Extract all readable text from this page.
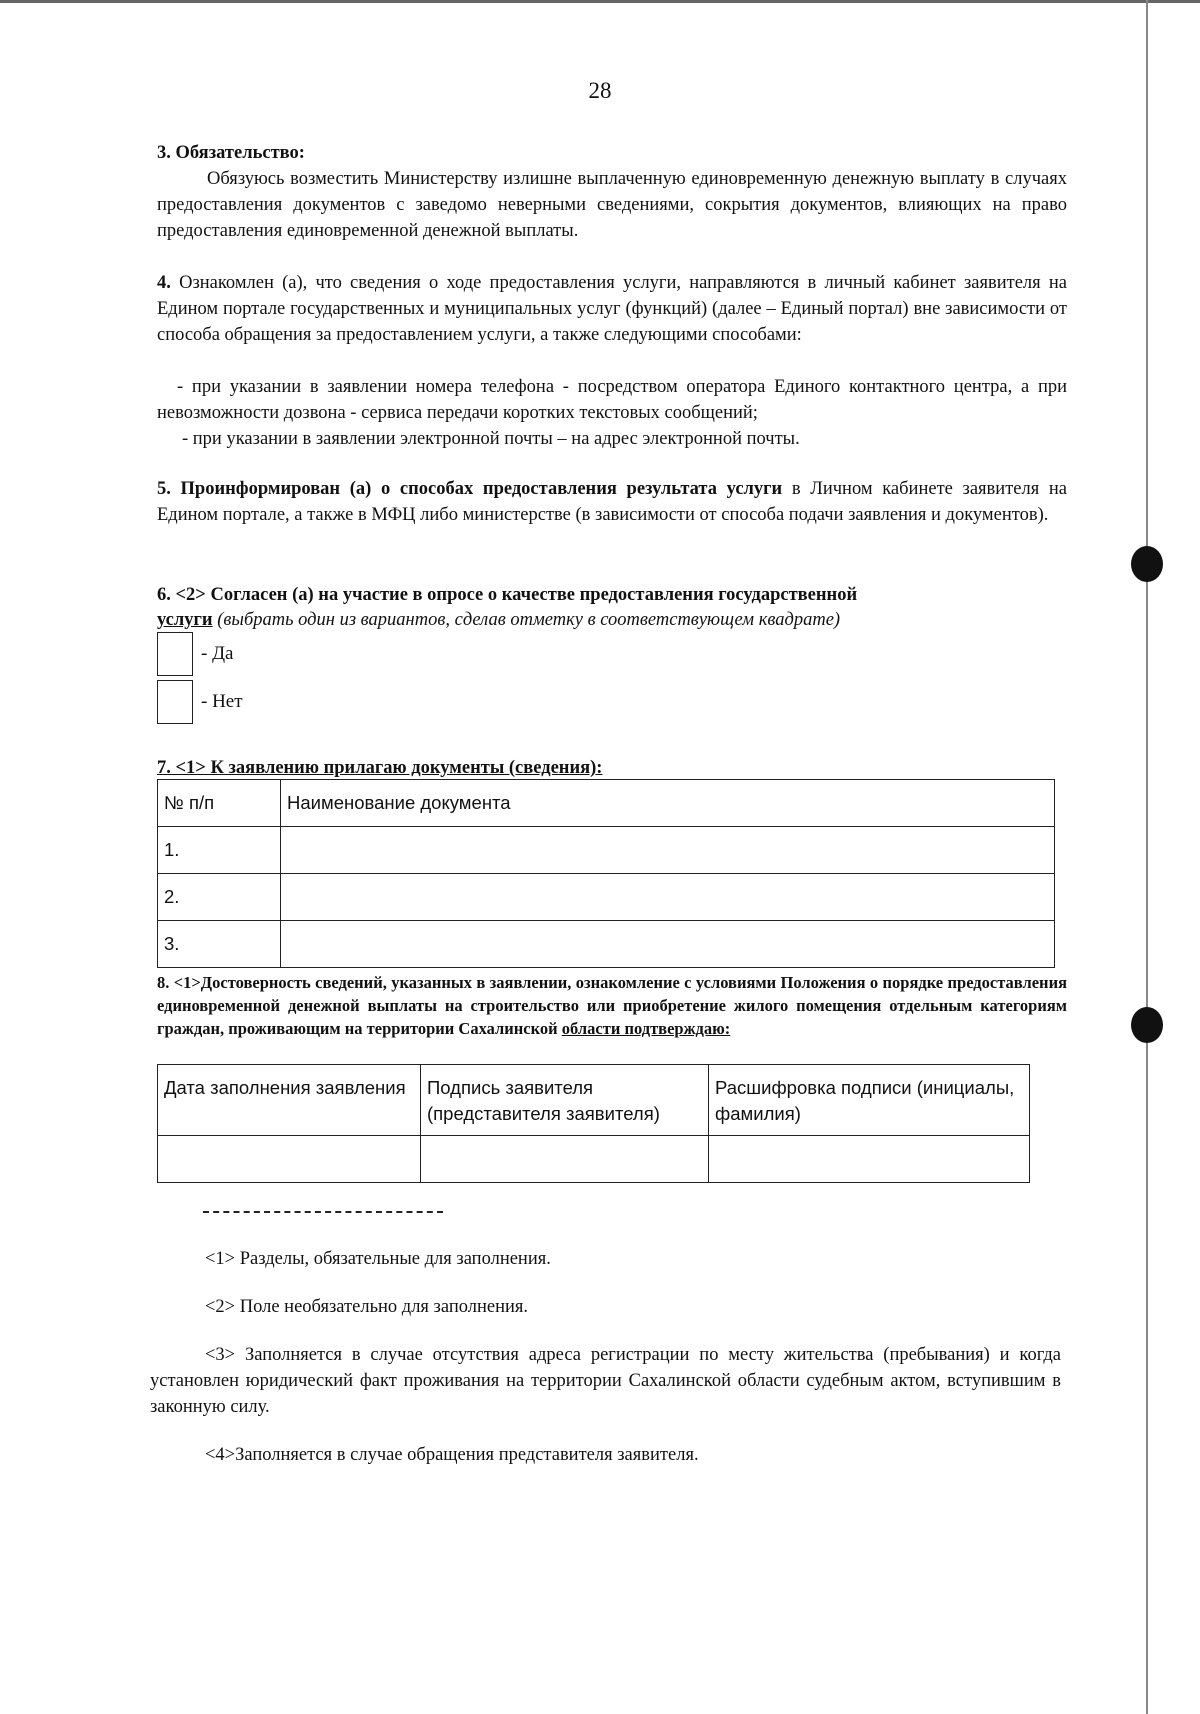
28
3. Обязательство:
Обязуюсь возместить Министерству излишне выплаченную единовременную денежную выплату в случаях предоставления документов с заведомо неверными сведениями, сокрытия документов, влияющих на право предоставления единовременной денежной выплаты.
4. Ознакомлен (а), что сведения о ходе предоставления услуги, направляются в личный кабинет заявителя на Едином портале государственных и муниципальных услуг (функций) (далее – Единый портал) вне зависимости от способа обращения за предоставлением услуги, а также следующими способами:
- при указании в заявлении номера телефона - посредством оператора Единого контактного центра, а при невозможности дозвона - сервиса передачи коротких текстовых сообщений;
- при указании в заявлении электронной почты – на адрес электронной почты.
5. Проинформирован (а) о способах предоставления результата услуги в Личном кабинете заявителя на Едином портале, а также в МФЦ либо министерстве (в зависимости от способа подачи заявления и документов).
6. <2> Согласен (а) на участие в опросе о качестве предоставления государственной
услуги (выбрать один из вариантов, сделав отметку в соответствующем квадрате)
- Да
- Нет
7. <1> К заявлению прилагаю документы (сведения):
№ п/п	Наименование документа
1.	
2.	
3.	
8. <1>Достоверность сведений, указанных в заявлении, ознакомление с условиями Положения о порядке предоставления единовременной денежной выплаты на строительство или приобретение жилого помещения отдельным категориям граждан, проживающим на территории Сахалинской области подтверждаю:
Дата заполнения заявления	Подпись заявителя (представителя заявителя)	Расшифровка подписи (инициалы, фамилия)

<1> Разделы, обязательные для заполнения.
<2> Поле необязательно для заполнения.
<3> Заполняется в случае отсутствия адреса регистрации по месту жительства (пребывания) и когда установлен юридический факт проживания на территории Сахалинской области судебным актом, вступившим в законную силу.
<4>Заполняется в случае обращения представителя заявителя.
